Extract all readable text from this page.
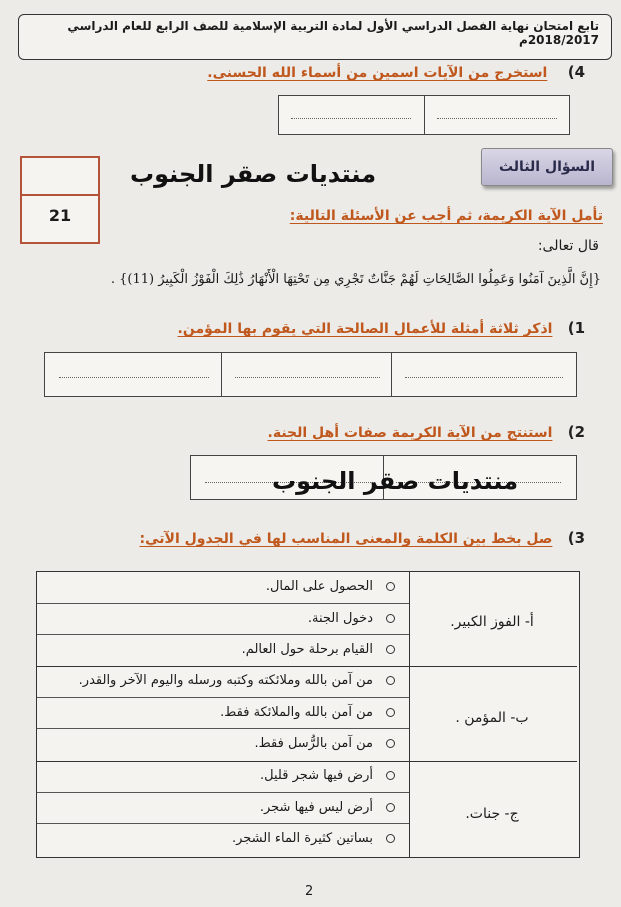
تابع امتحان نهاية الفصل الدراسي الأول لمادة التربية الإسلامية للصف الرابع للعام الدراسي 2018/2017م
4)    استخرج من الآيات اسمين من أسماء الله الحسنى.
21
منتديات صقر الجنوب	السؤال الثالث
تأمل الآية الكريمة، ثم أجب عن الأسئلة التالية:
قال تعالى:
{إِنَّ الَّذِينَ آمَنُوا وَعَمِلُوا الصَّالِحَاتِ لَهُمْ جَنَّاتٌ تَجْرِي مِن تَحْتِهَا الْأَنْهَارُ ذَٰلِكَ الْفَوْزُ الْكَبِيرُ (11)} .
1)   اذكر ثلاثة أمثلة للأعمال الصالحة التي يقوم بها المؤمن.
2)   استنتج من الآية الكريمة صفات أهل الجنة.
منتديات صقر الجنوب
3)   صل بخط بين الكلمة والمعنى المناسب لها في الجدول الآتي:
أ- الفوز الكبير.
الحصول على المال.
دخول الجنة.
القيام برحلة حول العالم.
ب- المؤمن .
من آمن بالله وملائكته وكتبه ورسله واليوم الآخر والقدر.
من آمن بالله والملائكة فقط.
من آمن بالرُّسل فقط.
ج- جنات.
أرض فيها شجر قليل.
أرض ليس فيها شجر.
بساتين كثيرة الماء الشجر.
2
